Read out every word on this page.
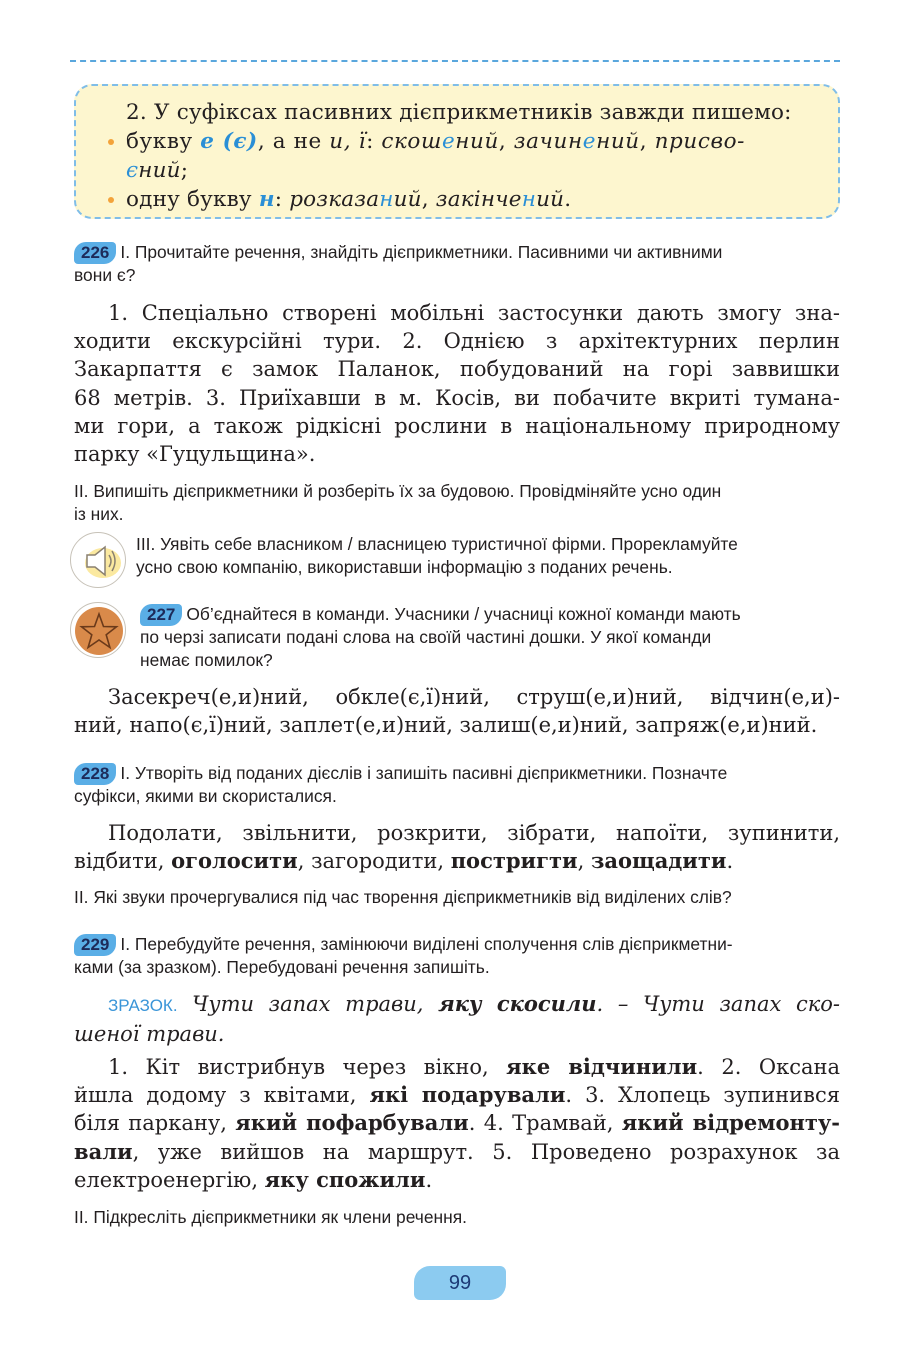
2. У суфіксах пасивних дієприкметників завжди пишемо:
букву е (є), а не и, ї: скошений, зачинений, присво-
єний;
одну букву н: розказаний, закінчений.
226 І. Прочитайте речення, знайдіть дієприкметники. Пасивними чи активними
вони є?
1. Спеціально створені мобільні застосунки дають змогу зна-
ходити екскурсійні тури. 2. Однією з архітектурних перлин
Закарпаття є замок Паланок, побудований на горі заввишки
68 метрів. 3. Приїхавши в м. Косів, ви побачите вкриті тумана-
ми гори, а також рідкісні рослини в національному природному
парку «Гуцульщина».
ІІ. Випишіть дієприкметники й розберіть їх за будовою. Провідміняйте усно один
із них.
ІІІ. Уявіть себе власником / власницею туристичної фірми. Прорекламуйте
усно свою компанію, використавши інформацію з поданих речень.
227 Об’єднайтеся в команди. Учасники / учасниці кожної команди мають
по черзі записати подані слова на своїй частині дошки. У якої команди
немає помилок?
Засекреч(е,и)ний, обкле(є,ї)ний, струш(е,и)ний, відчин(е,и)-
ний, напо(є,ї)ний, заплет(е,и)ний, залиш(е,и)ний, запряж(е,и)ний.
228 І. Утворіть від поданих дієслів і запишіть пасивні дієприкметники. Позначте
суфікси, якими ви скористалися.
Подолати, звільнити, розкрити, зібрати, напоїти, зупинити,
відбити, оголосити, загородити, постригти, заощадити.
ІІ. Які звуки прочергувалися під час творення дієприкметників від виділених слів?
229 І. Перебудуйте речення, замінюючи виділені сполучення слів дієприкметни-
ками (за зразком). Перебудовані речення запишіть.
ЗРАЗОК. Чути запах трави, яку скосили. – Чути запах ско-
шеної трави.
1. Кіт вистрибнув через вікно, яке відчинили. 2. Оксана
йшла додому з квітами, які подарували. 3. Хлопець зупинився
біля паркану, який пофарбували. 4. Трамвай, який відремонту-
вали, уже вийшов на маршрут. 5. Проведено розрахунок за
електроенергію, яку спожили.
ІІ. Підкресліть дієприкметники як члени речення.
99
